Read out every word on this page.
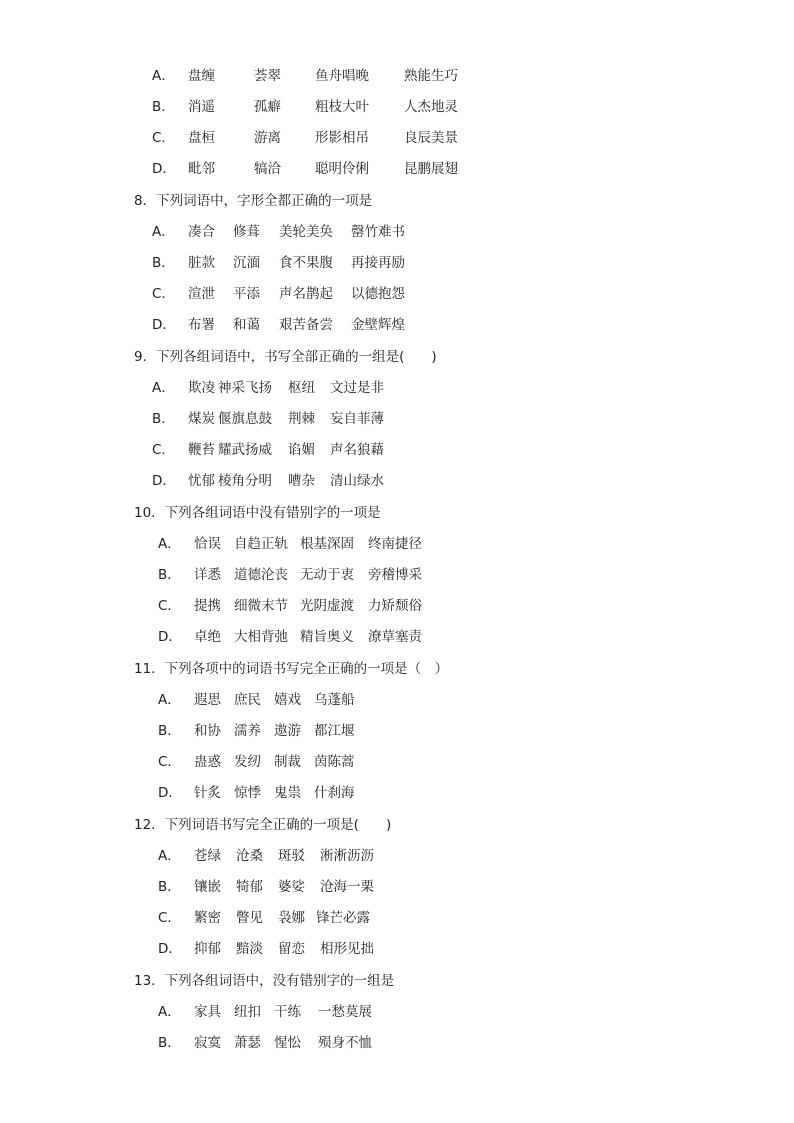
A． 盘缠	荟翠	鱼舟唱晚	熟能生巧
B． 消遥	孤癖	粗枝大叶	人杰地灵
C． 盘桓	游离	形影相吊	良辰美景
D． 毗邻	犒洽	聪明伶俐	昆鹏展翅
8．下列词语中，字形全都正确的一项是
A． 凑合	修葺	美轮美奂	罄竹难书
B． 脏款	沉湎	食不果腹	再接再励
C． 渲泄	平添	声名鹊起	以德抱怨
D． 布署	和蔼	艰苦备尝	金壁辉煌
9．下列各组词语中，书写全部正确的一组是(　　)
A． 欺凌 神采飞扬	枢纽	文过是非
B． 煤炭 偃旗息鼓	荆棘	妄自菲薄
C． 鞭苔 耀武扬威	谄媚	声名狼藉
D． 忧郁 棱角分明	嘈杂	清山绿水
10．下列各组词语中没有错别字的一项是
A． 恰误 自趋正轨 根基深固	终南捷径
B． 详悉 道德沦丧 无动于衷	旁稽博采
C． 提携 细微末节 光阴虚渡	力矫颓俗
D． 卓绝 大相背弛 精旨奥义	潦草塞责
11．下列各项中的词语书写完全正确的一项是（　）
A． 遐思 庶民 嬉戏 乌蓬船
B． 和协 濡养 遨游 都江堰
C． 蛊惑 发纫 制裁 茵陈蒿
D． 针炙 惊悸 鬼祟 什刹海
12．下列词语书写完全正确的一项是(　　)
A． 苍绿	沧桑	斑驳	淅淅沥沥
B． 镶嵌	犄郁	婆娑	沧海一栗
C． 繁密	瞥见	袅娜 锋芒必露
D． 抑郁	黯淡	留恋	相形见拙
13．下列各组词语中，没有错别字的一组是
A． 家具 纽扣 干练	一愁莫展
B． 寂寞 萧瑟 惺忪	殒身不恤
